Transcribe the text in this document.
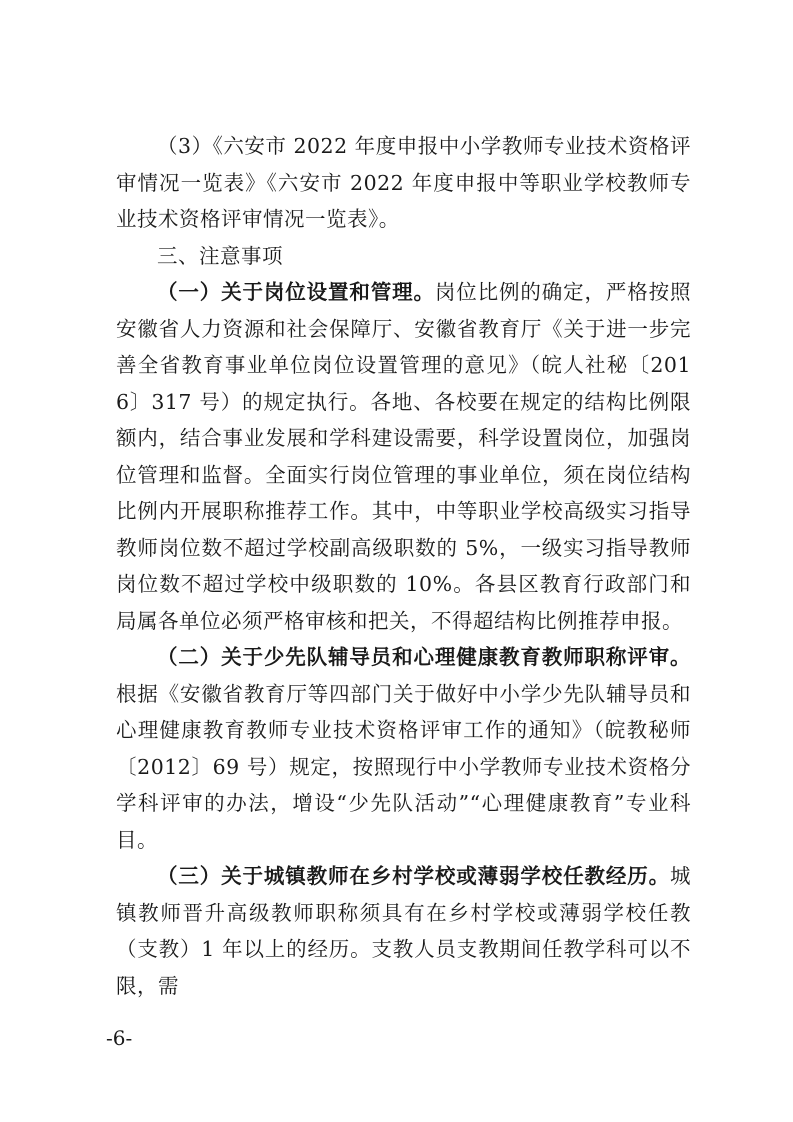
（3）《六安市 2022 年度申报中小学教师专业技术资格评审情况一览表》《六安市 2022 年度申报中等职业学校教师专业技术资格评审情况一览表》。

三、注意事项

（一）关于岗位设置和管理。岗位比例的确定，严格按照安徽省人力资源和社会保障厅、安徽省教育厅《关于进一步完善全省教育事业单位岗位设置管理的意见》（皖人社秘〔2016〕317 号）的规定执行。各地、各校要在规定的结构比例限额内，结合事业发展和学科建设需要，科学设置岗位，加强岗位管理和监督。全面实行岗位管理的事业单位，须在岗位结构比例内开展职称推荐工作。其中，中等职业学校高级实习指导教师岗位数不超过学校副高级职数的 5%，一级实习指导教师岗位数不超过学校中级职数的 10%。各县区教育行政部门和局属各单位必须严格审核和把关，不得超结构比例推荐申报。

（二）关于少先队辅导员和心理健康教育教师职称评审。根据《安徽省教育厅等四部门关于做好中小学少先队辅导员和心理健康教育教师专业技术资格评审工作的通知》（皖教秘师〔2012〕69 号）规定，按照现行中小学教师专业技术资格分学科评审的办法，增设“少先队活动”“心理健康教育”专业科目。

（三）关于城镇教师在乡村学校或薄弱学校任教经历。城镇教师晋升高级教师职称须具有在乡村学校或薄弱学校任教（支教）1 年以上的经历。支教人员支教期间任教学科可以不限，需

-6-
